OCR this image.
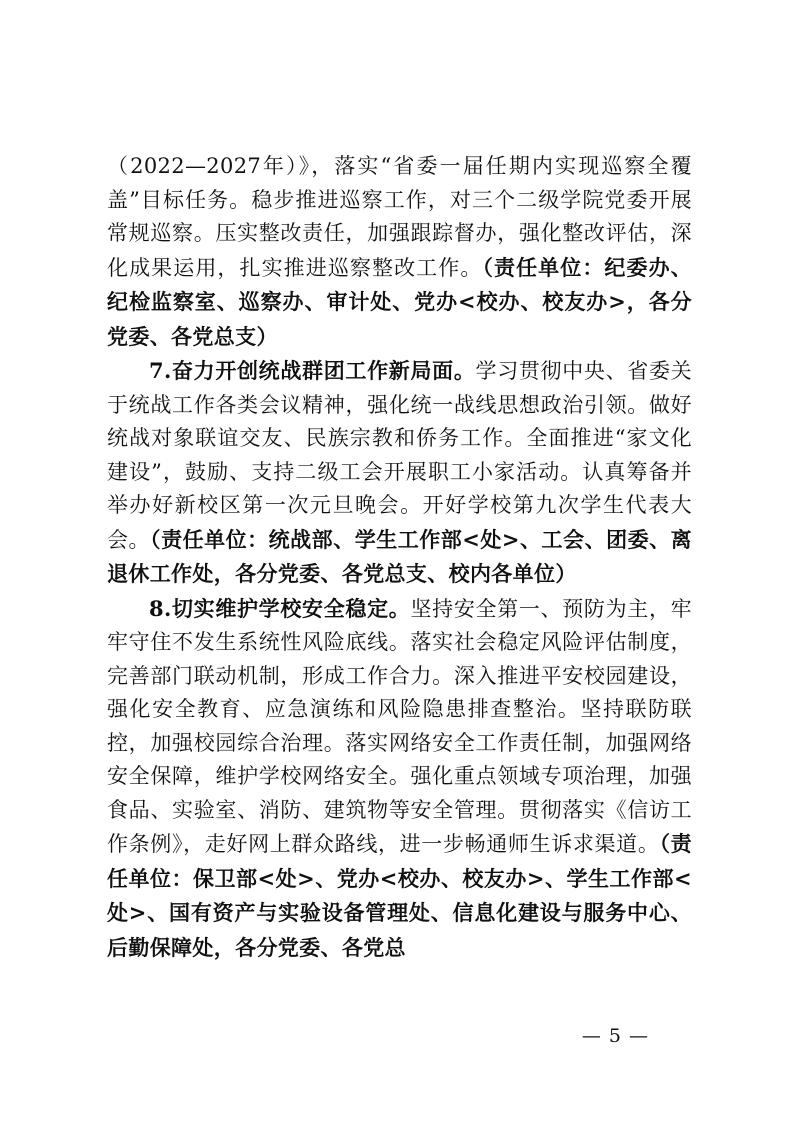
（2022—2027年）》，落实“省委一届任期内实现巡察全覆盖”目标任务。稳步推进巡察工作，对三个二级学院党委开展常规巡察。压实整改责任，加强跟踪督办，强化整改评估，深化成果运用，扎实推进巡察整改工作。（责任单位：纪委办、纪检监察室、巡察办、审计处、党办<校办、校友办>，各分党委、各党总支）

7.奋力开创统战群团工作新局面。学习贯彻中央、省委关于统战工作各类会议精神，强化统一战线思想政治引领。做好统战对象联谊交友、民族宗教和侨务工作。全面推进“家文化建设”，鼓励、支持二级工会开展职工小家活动。认真筹备并举办好新校区第一次元旦晚会。开好学校第九次学生代表大会。（责任单位：统战部、学生工作部<处>、工会、团委、离退休工作处，各分党委、各党总支、校内各单位）

8.切实维护学校安全稳定。坚持安全第一、预防为主，牢牢守住不发生系统性风险底线。落实社会稳定风险评估制度，完善部门联动机制，形成工作合力。深入推进平安校园建设，强化安全教育、应急演练和风险隐患排查整治。坚持联防联控，加强校园综合治理。落实网络安全工作责任制，加强网络安全保障，维护学校网络安全。强化重点领域专项治理，加强食品、实验室、消防、建筑物等安全管理。贯彻落实《信访工作条例》，走好网上群众路线，进一步畅通师生诉求渠道。（责任单位：保卫部<处>、党办<校办、校友办>、学生工作部<处>、国有资产与实验设备管理处、信息化建设与服务中心、后勤保障处，各分党委、各党总

— 5 —
